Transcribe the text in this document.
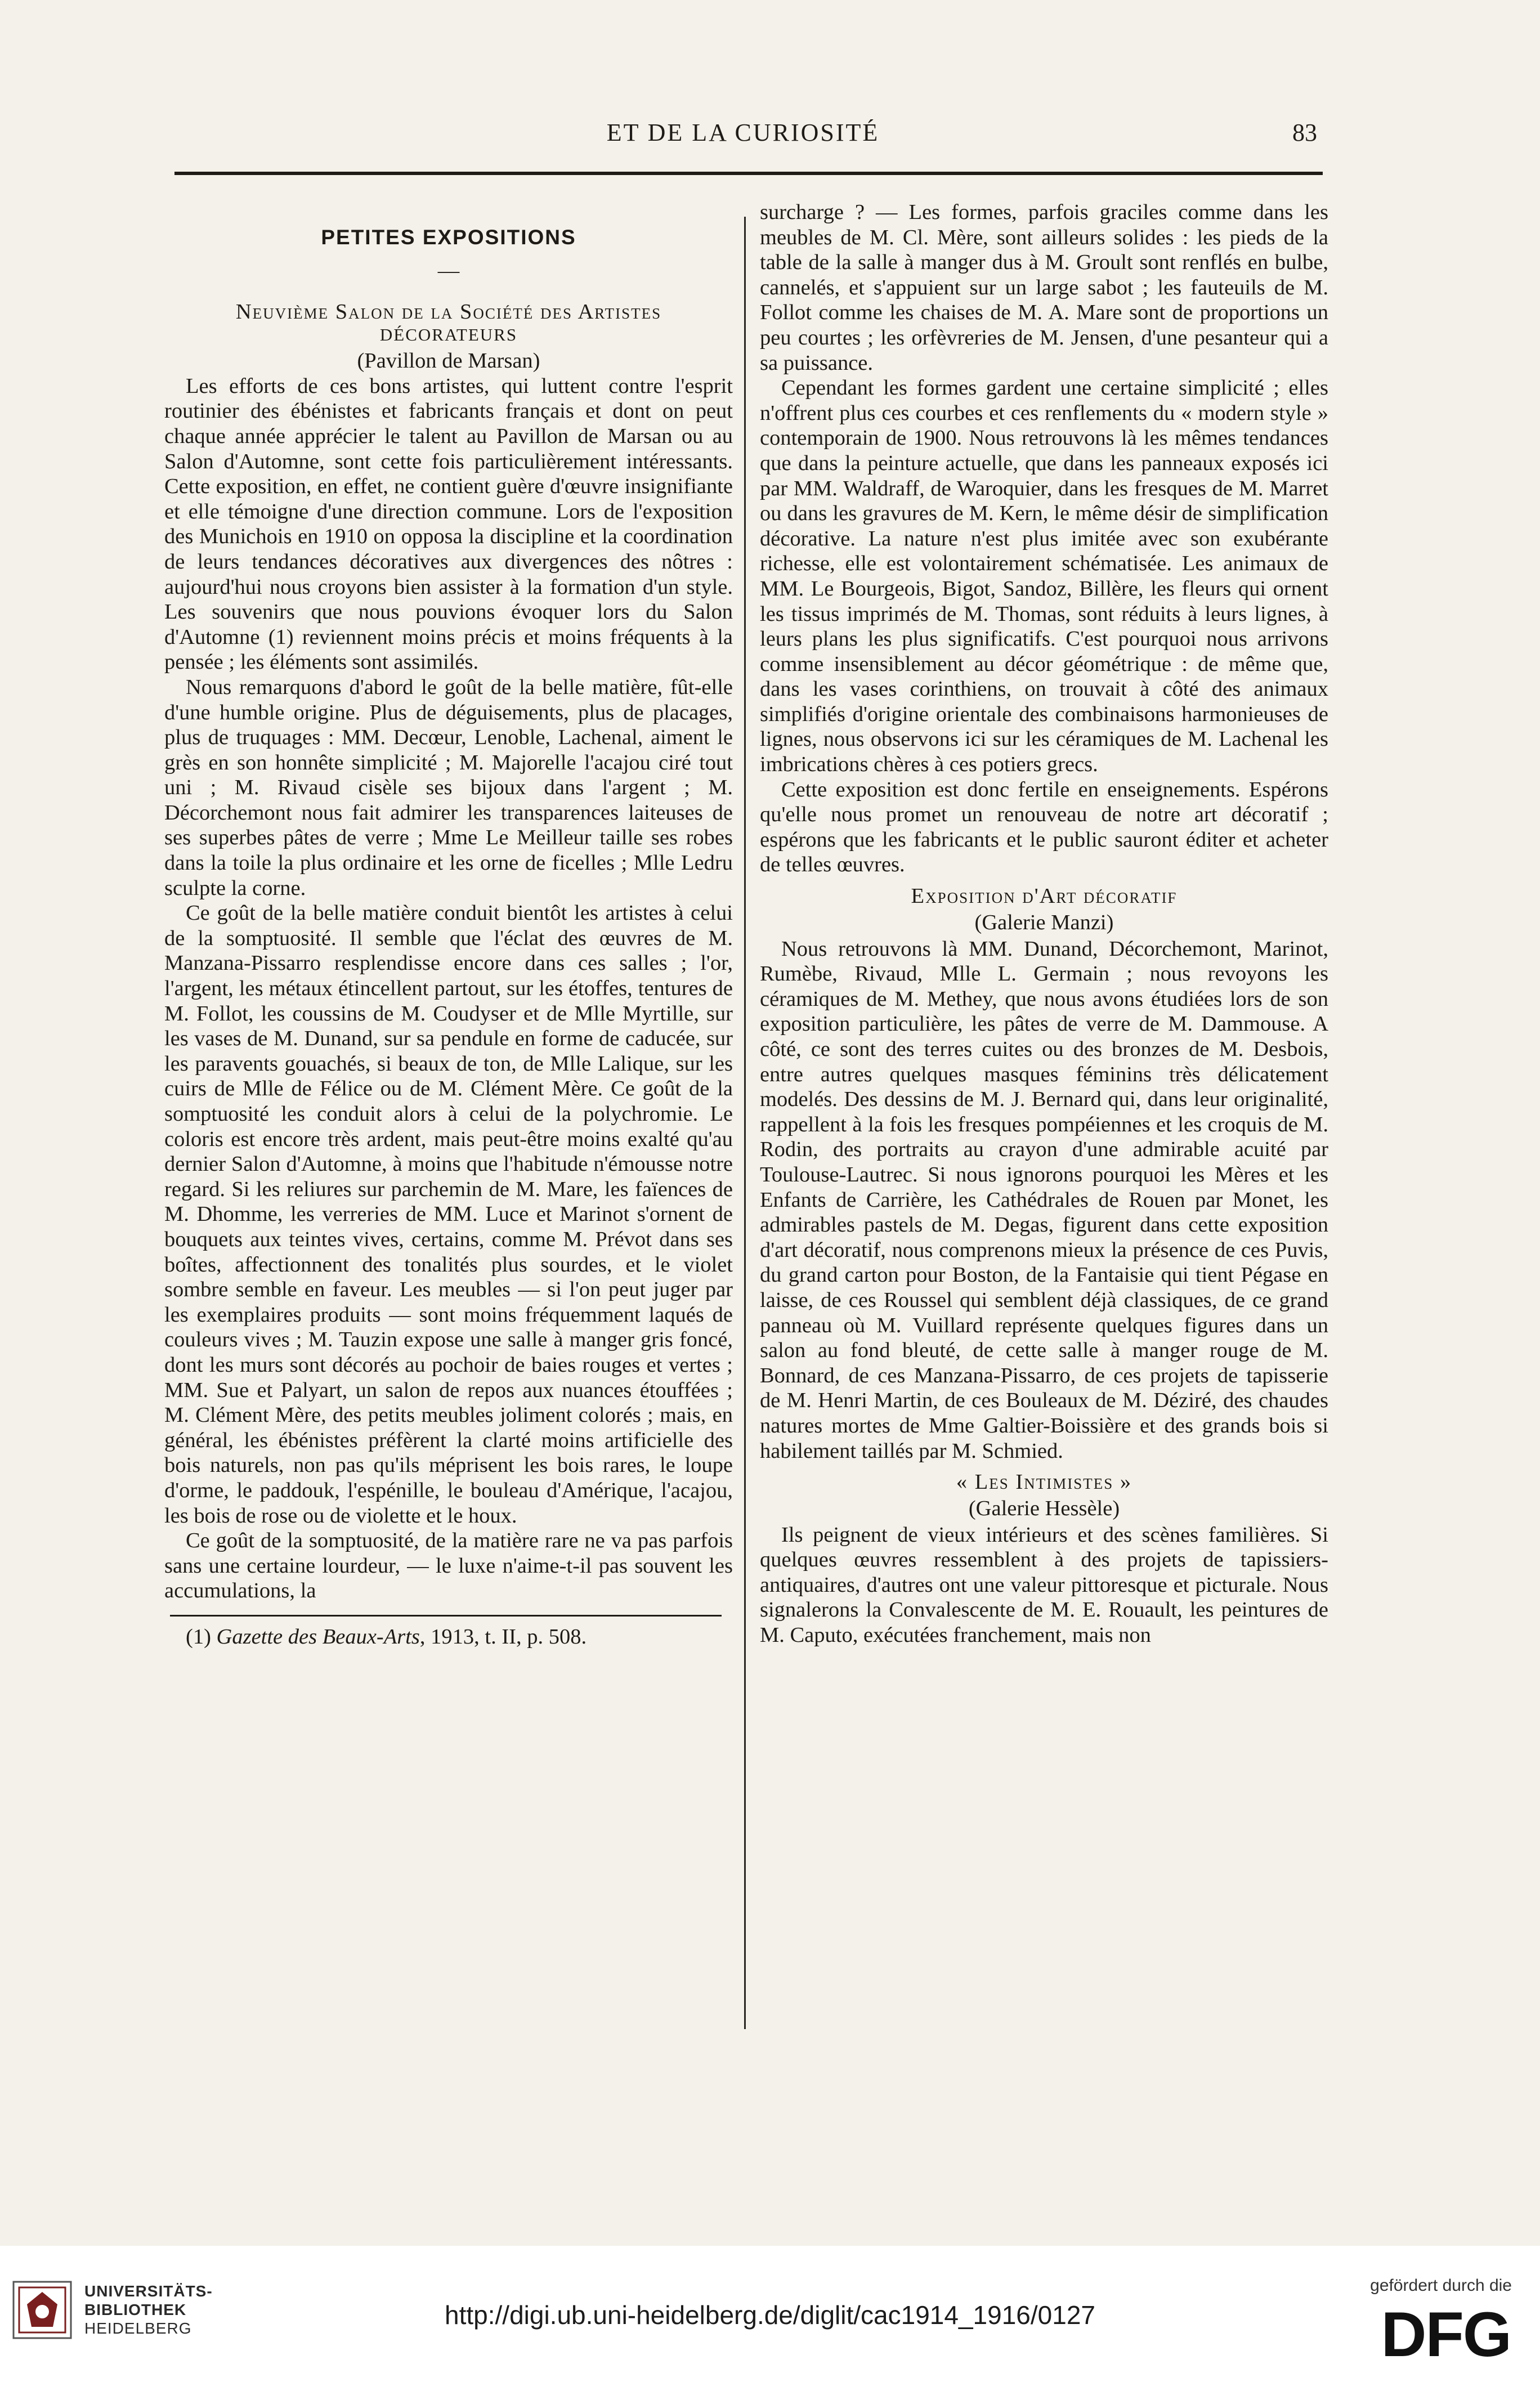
ET DE LA CURIOSITÉ	83
PETITES EXPOSITIONS
—
Neuvième Salon de la Société des Artistes
DÉCORATEURS
(Pavillon de Marsan)

Les efforts de ces bons artistes, qui luttent contre l'esprit routinier des ébénistes et fabricants français et dont on peut chaque année apprécier le talent au Pavillon de Marsan ou au Salon d'Automne, sont cette fois particulièrement intéressants. Cette exposition, en effet, ne contient guère d'œuvre insignifiante et elle témoigne d'une direction commune. Lors de l'exposition des Munichois en 1910 on opposa la discipline et la coordination de leurs tendances décoratives aux divergences des nôtres : aujourd'hui nous croyons bien assister à la formation d'un style. Les souvenirs que nous pouvions évoquer lors du Salon d'Automne (1) reviennent moins précis et moins fréquents à la pensée ; les éléments sont assimilés.

Nous remarquons d'abord le goût de la belle matière, fût-elle d'une humble origine. Plus de déguisements, plus de placages, plus de truquages : MM. Decœur, Lenoble, Lachenal, aiment le grès en son honnête simplicité ; M. Majorelle l'acajou ciré tout uni ; M. Rivaud cisèle ses bijoux dans l'argent ; M. Décorchemont nous fait admirer les transparences laiteuses de ses superbes pâtes de verre ; Mme Le Meilleur taille ses robes dans la toile la plus ordinaire et les orne de ficelles ; Mlle Ledru sculpte la corne.

Ce goût de la belle matière conduit bientôt les artistes à celui de la somptuosité. Il semble que l'éclat des œuvres de M. Manzana-Pissarro resplendisse encore dans ces salles ; l'or, l'argent, les métaux étincellent partout, sur les étoffes, tentures de M. Follot, les coussins de M. Coudyser et de Mlle Myrtille, sur les vases de M. Dunand, sur sa pendule en forme de caducée, sur les paravents gouachés, si beaux de ton, de Mlle Lalique, sur les cuirs de Mlle de Félice ou de M. Clément Mère. Ce goût de la somptuosité les conduit alors à celui de la polychromie. Le coloris est encore très ardent, mais peut-être moins exalté qu'au dernier Salon d'Automne, à moins que l'habitude n'émousse notre regard. Si les reliures sur parchemin de M. Mare, les faïences de M. Dhomme, les verreries de MM. Luce et Marinot s'ornent de bouquets aux teintes vives, certains, comme M. Prévot dans ses boîtes, affectionnent des tonalités plus sourdes, et le violet sombre semble en faveur. Les meubles — si l'on peut juger par les exemplaires produits — sont moins fréquemment laqués de couleurs vives ; M. Tauzin expose une salle à manger gris foncé, dont les murs sont décorés au pochoir de baies rouges et vertes ; MM. Sue et Palyart, un salon de repos aux nuances étouffées ; M. Clément Mère, des petits meubles joliment colorés ; mais, en général, les ébénistes préfèrent la clarté moins artificielle des bois naturels, non pas qu'ils méprisent les bois rares, le loupe d'orme, le paddouk, l'espénille, le bouleau d'Amérique, l'acajou, les bois de rose ou de violette et le houx.

Ce goût de la somptuosité, de la matière rare ne va pas parfois sans une certaine lourdeur, — le luxe n'aime-t-il pas souvent les accumulations, la

(1) Gazette des Beaux-Arts, 1913, t. II, p. 508.

surcharge ? — Les formes, parfois graciles comme dans les meubles de M. Cl. Mère, sont ailleurs solides : les pieds de la table de la salle à manger dus à M. Groult sont renflés en bulbe, cannelés, et s'appuient sur un large sabot ; les fauteuils de M. Follot comme les chaises de M. A. Mare sont de proportions un peu courtes ; les orfèvreries de M. Jensen, d'une pesanteur qui a sa puissance.

Cependant les formes gardent une certaine simplicité ; elles n'offrent plus ces courbes et ces renflements du « modern style » contemporain de 1900. Nous retrouvons là les mêmes tendances que dans la peinture actuelle, que dans les panneaux exposés ici par MM. Waldraff, de Waroquier, dans les fresques de M. Marret ou dans les gravures de M. Kern, le même désir de simplification décorative. La nature n'est plus imitée avec son exubérante richesse, elle est volontairement schématisée. Les animaux de MM. Le Bourgeois, Bigot, Sandoz, Billère, les fleurs qui ornent les tissus imprimés de M. Thomas, sont réduits à leurs lignes, à leurs plans les plus significatifs. C'est pourquoi nous arrivons comme insensiblement au décor géométrique : de même que, dans les vases corinthiens, on trouvait à côté des animaux simplifiés d'origine orientale des combinaisons harmonieuses de lignes, nous observons ici sur les céramiques de M. Lachenal les imbrications chères à ces potiers grecs.

Cette exposition est donc fertile en enseignements. Espérons qu'elle nous promet un renouveau de notre art décoratif ; espérons que les fabricants et le public sauront éditer et acheter de telles œuvres.

Exposition d'Art décoratif
(Galerie Manzi)

Nous retrouvons là MM. Dunand, Décorchemont, Marinot, Rumèbe, Rivaud, Mlle L. Germain ; nous revoyons les céramiques de M. Methey, que nous avons étudiées lors de son exposition particulière, les pâtes de verre de M. Dammouse. A côté, ce sont des terres cuites ou des bronzes de M. Desbois, entre autres quelques masques féminins très délicatement modelés. Des dessins de M. J. Bernard qui, dans leur originalité, rappellent à la fois les fresques pompéiennes et les croquis de M. Rodin, des portraits au crayon d'une admirable acuité par Toulouse-Lautrec. Si nous ignorons pourquoi les Mères et les Enfants de Carrière, les Cathédrales de Rouen par Monet, les admirables pastels de M. Degas, figurent dans cette exposition d'art décoratif, nous comprenons mieux la présence de ces Puvis, du grand carton pour Boston, de la Fantaisie qui tient Pégase en laisse, de ces Roussel qui semblent déjà classiques, de ce grand panneau où M. Vuillard représente quelques figures dans un salon au fond bleuté, de cette salle à manger rouge de M. Bonnard, de ces Manzana-Pissarro, de ces projets de tapisserie de M. Henri Martin, de ces Bouleaux de M. Déziré, des chaudes natures mortes de Mme Galtier-Boissière et des grands bois si habilement taillés par M. Schmied.

« Les Intimistes »
(Galerie Hessèle)

Ils peignent de vieux intérieurs et des scènes familières. Si quelques œuvres ressemblent à des projets de tapissiers-antiquaires, d'autres ont une valeur pittoresque et picturale. Nous signalerons la Convalescente de M. E. Rouault, les peintures de M. Caputo, exécutées franchement, mais non

UNIVERSITÄTS-
BIBLIOTHEK
HEIDELBERG	http://digi.ub.uni-heidelberg.de/diglit/cac1914_1916/0127
gefördert durch die
DFG
